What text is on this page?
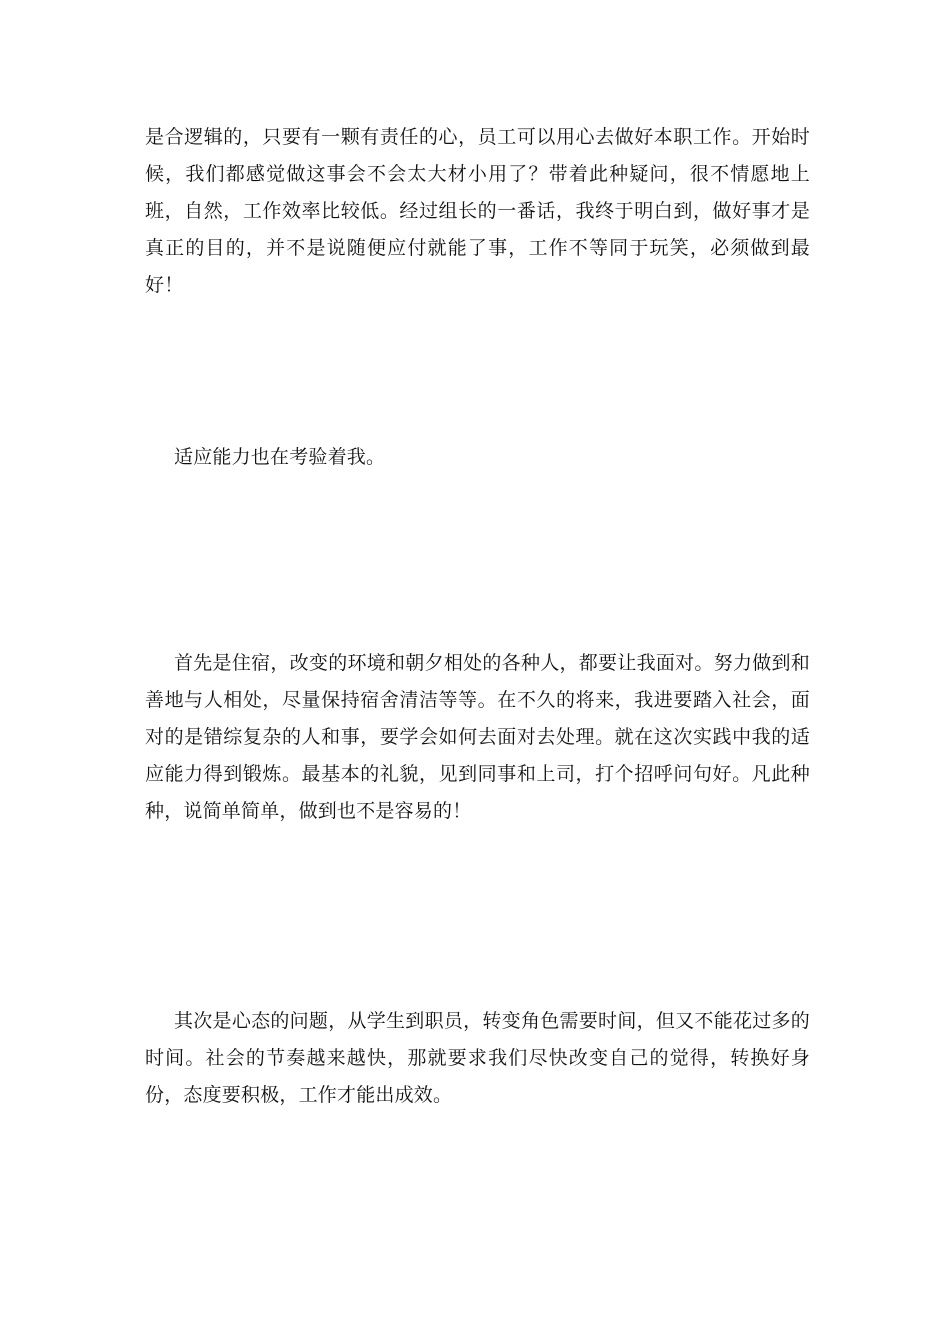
是合逻辑的，只要有一颗有责任的心，员工可以用心去做好本职工作。开始时候，我们都感觉做这事会不会太大材小用了？带着此种疑问，很不情愿地上班，自然，工作效率比较低。经过组长的一番话，我终于明白到，做好事才是真正的目的，并不是说随便应付就能了事，工作不等同于玩笑，必须做到最好！

适应能力也在考验着我。

首先是住宿，改变的环境和朝夕相处的各种人，都要让我面对。努力做到和善地与人相处，尽量保持宿舍清洁等等。在不久的将来，我进要踏入社会，面对的是错综复杂的人和事，要学会如何去面对去处理。就在这次实践中我的适应能力得到锻炼。最基本的礼貌，见到同事和上司，打个招呼问句好。凡此种种，说简单简单，做到也不是容易的！

其次是心态的问题，从学生到职员，转变角色需要时间，但又不能花过多的时间。社会的节奏越来越快，那就要求我们尽快改变自己的觉得，转换好身份，态度要积极，工作才能出成效。
